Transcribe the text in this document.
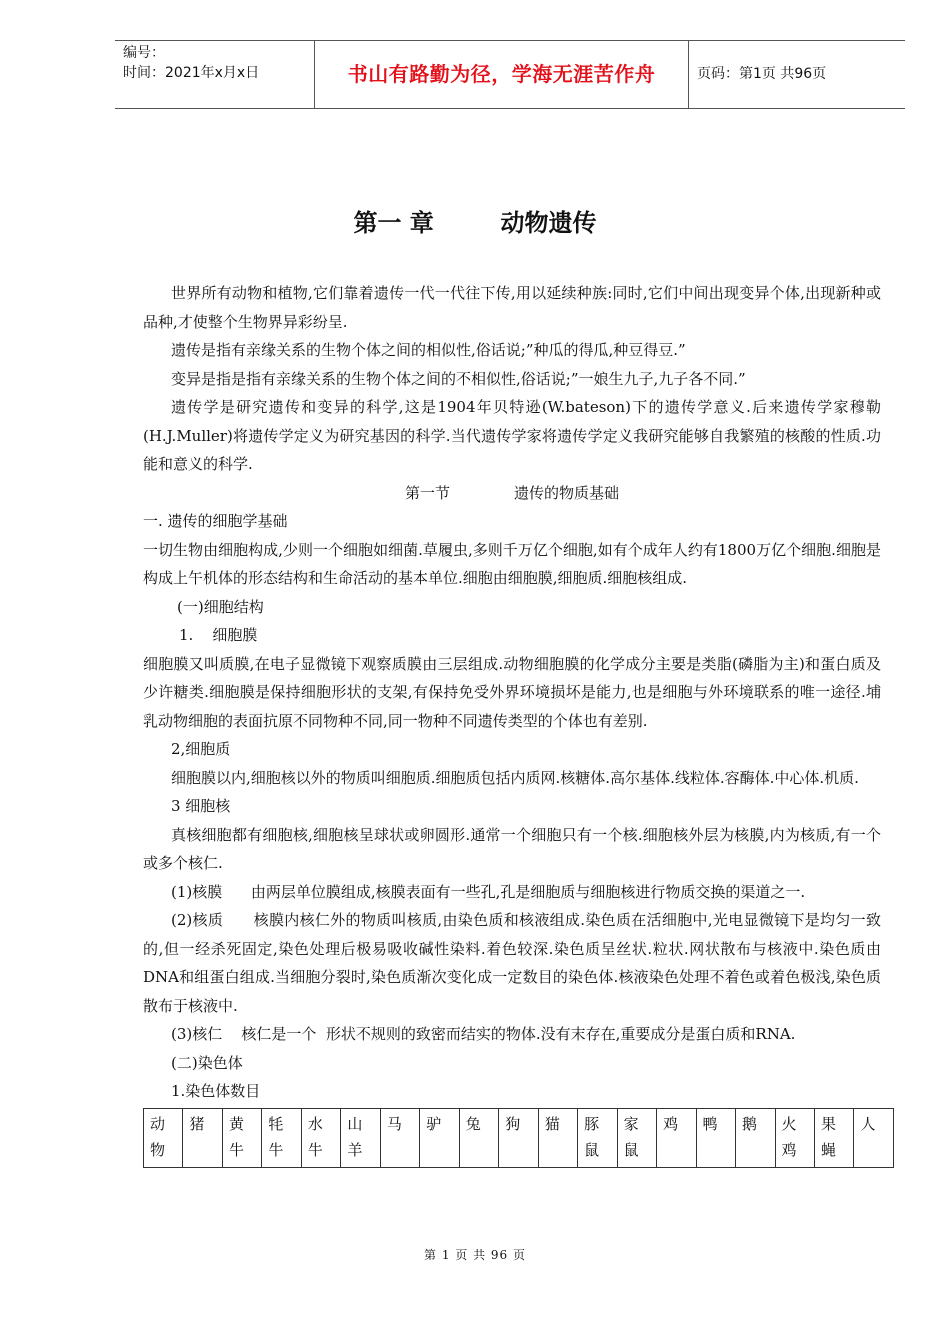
编号：
时间：2021年x月x日	书山有路勤为径，学海无涯苦作舟	页码：第1页 共96页
第一 章	动物遗传

世界所有动物和植物,它们靠着遗传一代一代往下传,用以延续种族:同时,它们中间出现变异个体,出现新种或品种,才使整个生物界异彩纷呈.

遗传是指有亲缘关系的生物个体之间的相似性,俗话说;”种瓜的得瓜,种豆得豆.”

变异是指是指有亲缘关系的生物个体之间的不相似性,俗话说;”一娘生九子,九子各不同.”

遗传学是研究遗传和变异的科学,这是1904年贝特逊(W.bateson)下的遗传学意义.后来遗传学家穆勒(H.J.Muller)将遗传学定义为研究基因的科学.当代遗传学家将遗传学定义我研究能够自我繁殖的核酸的性质.功能和意义的科学.

第一节	遗传的物质基础

一. 遗传的细胞学基础

一切生物由细胞构成,少则一个细胞如细菌.草履虫,多则千万亿个细胞,如有个成年人约有1800万亿个细胞.细胞是构成上午机体的形态结构和生命活动的基本单位.细胞由细胞膜,细胞质.细胞核组成.

(一)细胞结构

1.    细胞膜

细胞膜又叫质膜,在电子显微镜下观察质膜由三层组成.动物细胞膜的化学成分主要是类脂(磷脂为主)和蛋白质及少许糖类.细胞膜是保持细胞形状的支架,有保持免受外界环境损坏是能力,也是细胞与外环境联系的唯一途径.埔乳动物细胞的表面抗原不同物种不同,同一物种不同遗传类型的个体也有差别.

2,细胞质

细胞膜以内,细胞核以外的物质叫细胞质.细胞质包括内质网.核糖体.高尔基体.线粒体.容酶体.中心体.机质.

3 细胞核

真核细胞都有细胞核,细胞核呈球状或卵圆形.通常一个细胞只有一个核.细胞核外层为核膜,内为核质,有一个或多个核仁.

(1)核膜      由两层单位膜组成,核膜表面有一些孔,孔是细胞质与细胞核进行物质交换的渠道之一.

(2)核质      核膜内核仁外的物质叫核质,由染色质和核液组成.染色质在活细胞中,光电显微镜下是均匀一致的,但一经杀死固定,染色处理后极易吸收碱性染料.着色较深.染色质呈丝状.粒状.网状散布与核液中.染色质由DNA和组蛋白组成.当细胞分裂时,染色质渐次变化成一定数目的染色体.核液染色处理不着色或着色极浅,染色质散布于核液中.

(3)核仁    核仁是一个  形状不规则的致密而结实的物体.没有末存在,重要成分是蛋白质和RNA.

(二)染色体

1.染色体数目

动物	猪	黄牛	牦牛	水牛	山羊	马	驴	兔	狗	猫	豚鼠	家鼠	鸡	鸭	鹅	火鸡	果蝇	人
第 1 页 共 96 页
